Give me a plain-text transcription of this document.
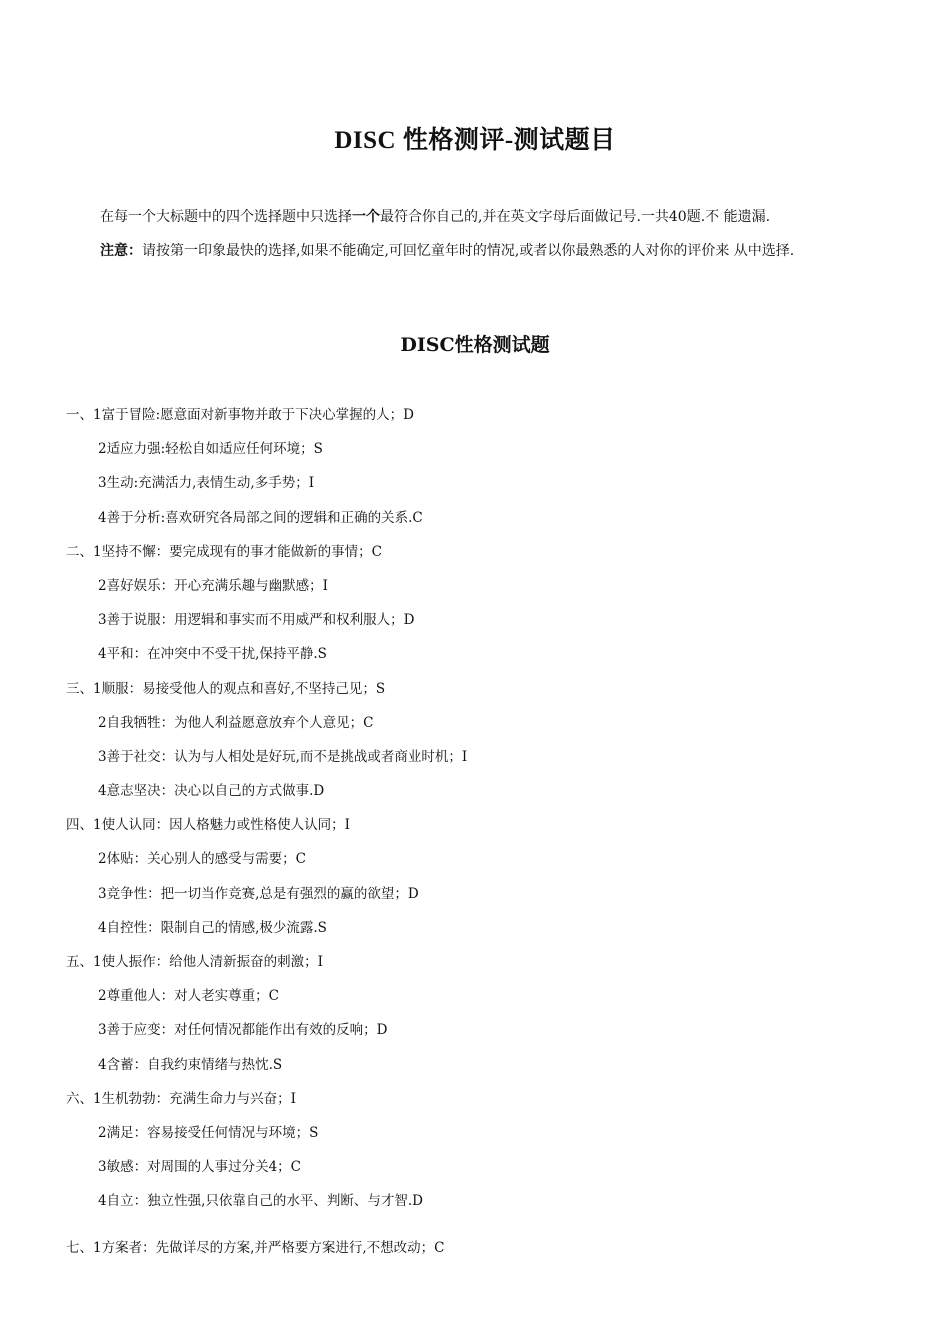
DISC 性格测评-测试题目

在每一个大标题中的四个选择题中只选择一个最符合你自己的,并在英文字母后面做记号.一共40题.不 能遗漏.

注意：请按第一印象最快的选择,如果不能确定,可回忆童年时的情况,或者以你最熟悉的人对你的评价来 从中选择.

DISC性格测试题
一、1富于冒险:愿意面对新事物并敢于下决心掌握的人；D
2适应力强:轻松自如适应任何环境；S
3生动:充满活力,表情生动,多手势；I
4善于分析:喜欢研究各局部之间的逻辑和正确的关系.C
二、1坚持不懈：要完成现有的事才能做新的事情；C
2喜好娱乐：开心充满乐趣与幽默感；I
3善于说服：用逻辑和事实而不用威严和权利服人；D
4平和：在冲突中不受干扰,保持平静.S
三、1顺服：易接受他人的观点和喜好,不坚持己见；S
2自我牺牲：为他人利益愿意放弃个人意见；C
3善于社交：认为与人相处是好玩,而不是挑战或者商业时机；I
4意志坚决：决心以自己的方式做事.D
四、1使人认同：因人格魅力或性格使人认同；I
2体贴：关心别人的感受与需要；C
3竞争性：把一切当作竞赛,总是有强烈的赢的欲望；D
4自控性：限制自己的情感,极少流露.S
五、1使人振作：给他人清新振奋的刺激；I
2尊重他人：对人老实尊重；C
3善于应变：对任何情况都能作出有效的反响；D
4含蓄：自我约束情绪与热忱.S
六、1生机勃勃：充满生命力与兴奋；I
2满足：容易接受任何情况与环境；S
3敏感：对周围的人事过分关4；C
4自立：独立性强,只依靠自己的水平、判断、与才智.D
七、1方案者：先做详尽的方案,并严格要方案进行,不想改动；C
